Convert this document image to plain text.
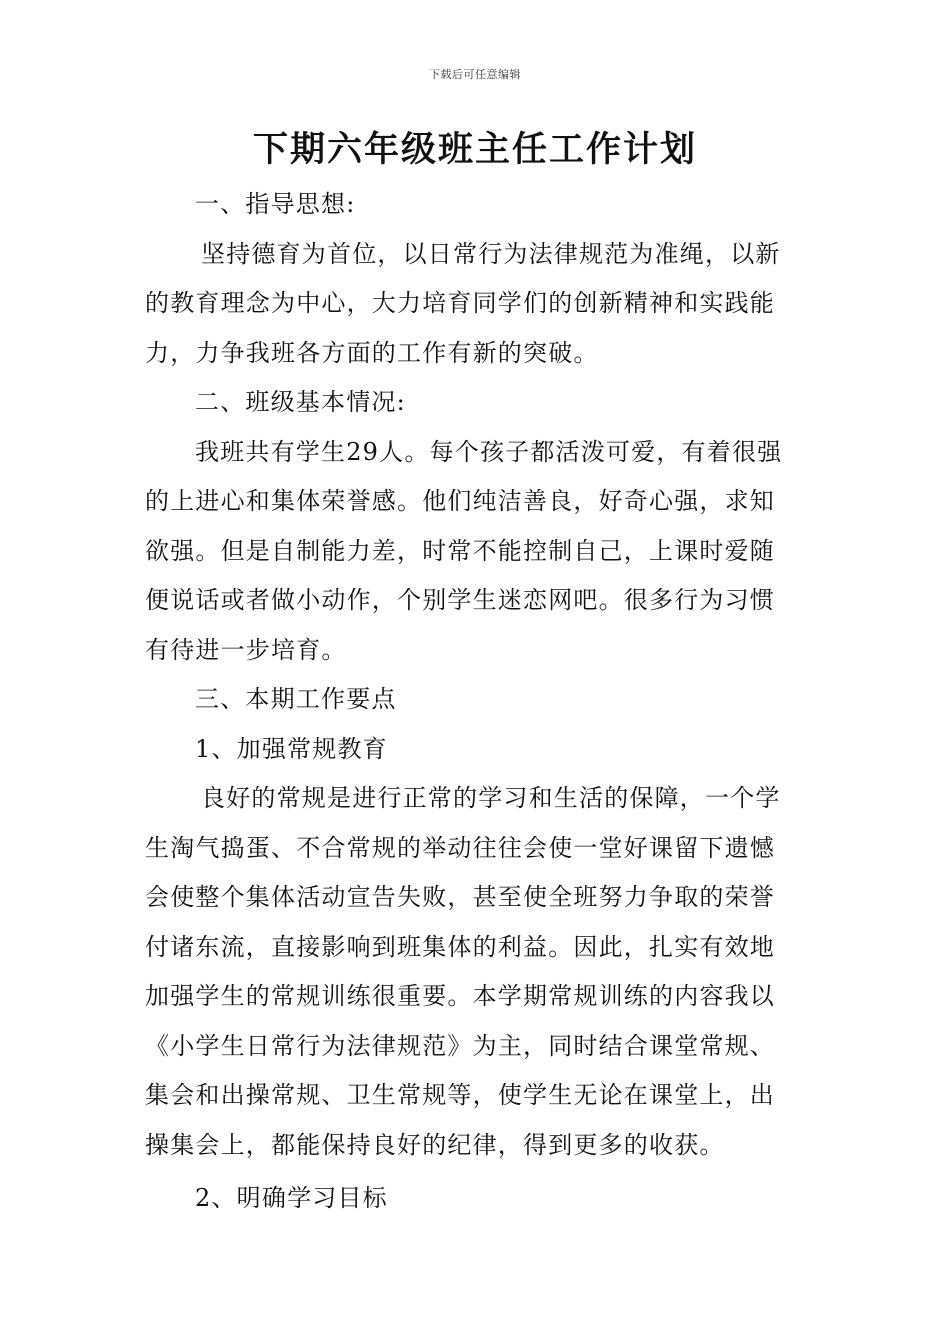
下载后可任意编辑
下期六年级班主任工作计划
一、指导思想:
坚持德育为首位，以日常行为法律规范为准绳，以新
的教育理念为中心，大力培育同学们的创新精神和实践能
力，力争我班各方面的工作有新的突破。
二、班级基本情况:
我班共有学生29人。每个孩子都活泼可爱，有着很强
的上进心和集体荣誉感。他们纯洁善良，好奇心强，求知
欲强。但是自制能力差，时常不能控制自己，上课时爱随
便说话或者做小动作，个别学生迷恋网吧。很多行为习惯
有待进一步培育。
三、本期工作要点
1、加强常规教育
良好的常规是进行正常的学习和生活的保障，一个学
生淘气捣蛋、不合常规的举动往往会使一堂好课留下遗憾
会使整个集体活动宣告失败，甚至使全班努力争取的荣誉
付诸东流，直接影响到班集体的利益。因此，扎实有效地
加强学生的常规训练很重要。本学期常规训练的内容我以
《小学生日常行为法律规范》为主，同时结合课堂常规、
集会和出操常规、卫生常规等，使学生无论在课堂上，出
操集会上，都能保持良好的纪律，得到更多的收获。
2、明确学习目标
